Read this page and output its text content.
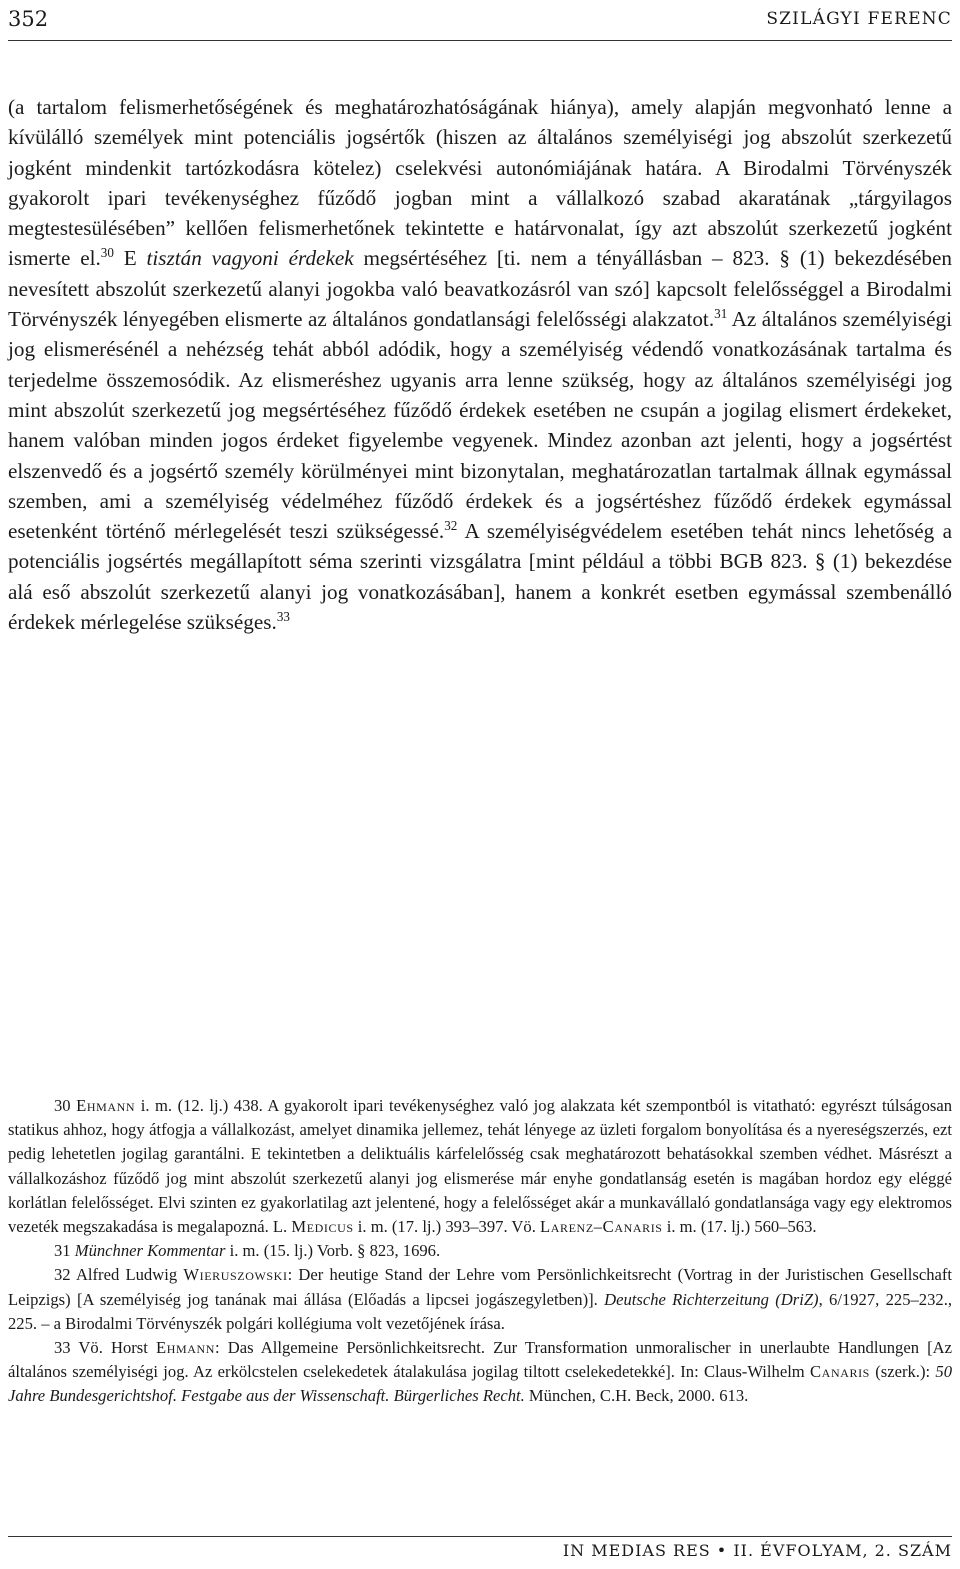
352	SZILÁGYI FERENC

(a tartalom felismerhetőségének és meghatározhatóságának hiánya), amely alapján megvonható lenne a kívülálló személyek mint potenciális jogsértők (hiszen az általános személyiségi jog abszolút szerkezetű jogként mindenkit tartózkodásra kötelez) cselekvési autonómiájának határa. A Birodalmi Törvényszék gyakorolt ipari tevékenységhez fűződő jogban mint a vállalkozó szabad akaratának „tárgyilagos megtestesülésében” kellően felismerhetőnek tekintette e határvonalat, így azt abszolút szerkezetű jogként ismerte el.$^{30}$ E tisztán vagyoni érdekek megsértéséhez [ti. nem a tényállásban – 823. § (1) bekezdésében nevesített abszolút szerkezetű alanyi jogokba való beavatkozásról van szó] kapcsolt felelősséggel a Birodalmi Törvényszék lényegében elismerte az általános gondatlansági felelősségi alakzatot.$^{31}$ Az általános személyiségi jog elismerésénél a nehézség tehát abból adódik, hogy a személyiség védendő vonatkozásának tartalma és terjedelme összemosódik. Az elismeréshez ugyanis arra lenne szükség, hogy az általános személyiségi jog mint abszolút szerkezetű jog megsértéséhez fűződő érdekek esetében ne csupán a jogilag elismert érdekeket, hanem valóban minden jogos érdeket figyelembe vegyenek. Mindez azonban azt jelenti, hogy a jogsértést elszenvedő és a jogsértő személy körülményei mint bizonytalan, meghatározatlan tartalmak állnak egymással szemben, ami a személyiség védelméhez fűződő érdekek és a jogsértéshez fűződő érdekek egymással esetenként történő mérlegelését teszi szükségessé.$^{32}$ A személyiségvédelem esetében tehát nincs lehetőség a potenciális jogsértés megállapított séma szerinti vizsgálatra [mint például a többi BGB 823. § (1) bekezdése alá eső abszolút szerkezetű alanyi jog vonatkozásában], hanem a konkrét esetben egymással szembenálló érdekek mérlegelése szükséges.$^{33}$

30 Ehmann i. m. (12. lj.) 438. A gyakorolt ipari tevékenységhez való jog alakzata két szempontból is vitatható: egyrészt túlságosan statikus ahhoz, hogy átfogja a vállalkozást, amelyet dinamika jellemez, tehát lényege az üzleti forgalom bonyolítása és a nyereségszerzés, ezt pedig lehetetlen jogilag garantálni. E tekintetben a deliktuális kárfelelősség csak meghatározott behatásokkal szemben védhet. Másrészt a vállalkozáshoz fűződő jog mint abszolút szerkezetű alanyi jog elismerése már enyhe gondatlanság esetén is magában hordoz egy eléggé korlátlan felelősséget. Elvi szinten ez gyakorlatilag azt jelentené, hogy a felelősséget akár a munkavállaló gondatlansága vagy egy elektromos vezeték megszakadása is megalapozná. L. Medicus i. m. (17. lj.) 393–397. Vö. Larenz–Canaris i. m. (17. lj.) 560–563.

31 Münchner Kommentar i. m. (15. lj.) Vorb. § 823, 1696.

32 Alfred Ludwig Wieruszowski: Der heutige Stand der Lehre vom Persönlichkeitsrecht (Vortrag in der Juristischen Gesellschaft Leipzigs) [A személyiség jog tanának mai állása (Előadás a lipcsei jogászegyletben)]. Deutsche Richterzeitung (DriZ), 6/1927, 225–232., 225. – a Birodalmi Törvényszék polgári kollégiuma volt vezetőjének írása.

33 Vö. Horst Ehmann: Das Allgemeine Persönlichkeitsrecht. Zur Transformation unmoralischer in unerlaubte Handlungen [Az általános személyiségi jog. Az erkölcstelen cselekedetek átalakulása jogilag tiltott cselekedetekké]. In: Claus-Wilhelm Canaris (szerk.): 50 Jahre Bundesgerichtshof. Festgabe aus der Wissenschaft. Bürgerliches Recht. München, C.H. Beck, 2000. 613.

IN MEDIAS RES • II. ÉVFOLYAM, 2. SZÁM
